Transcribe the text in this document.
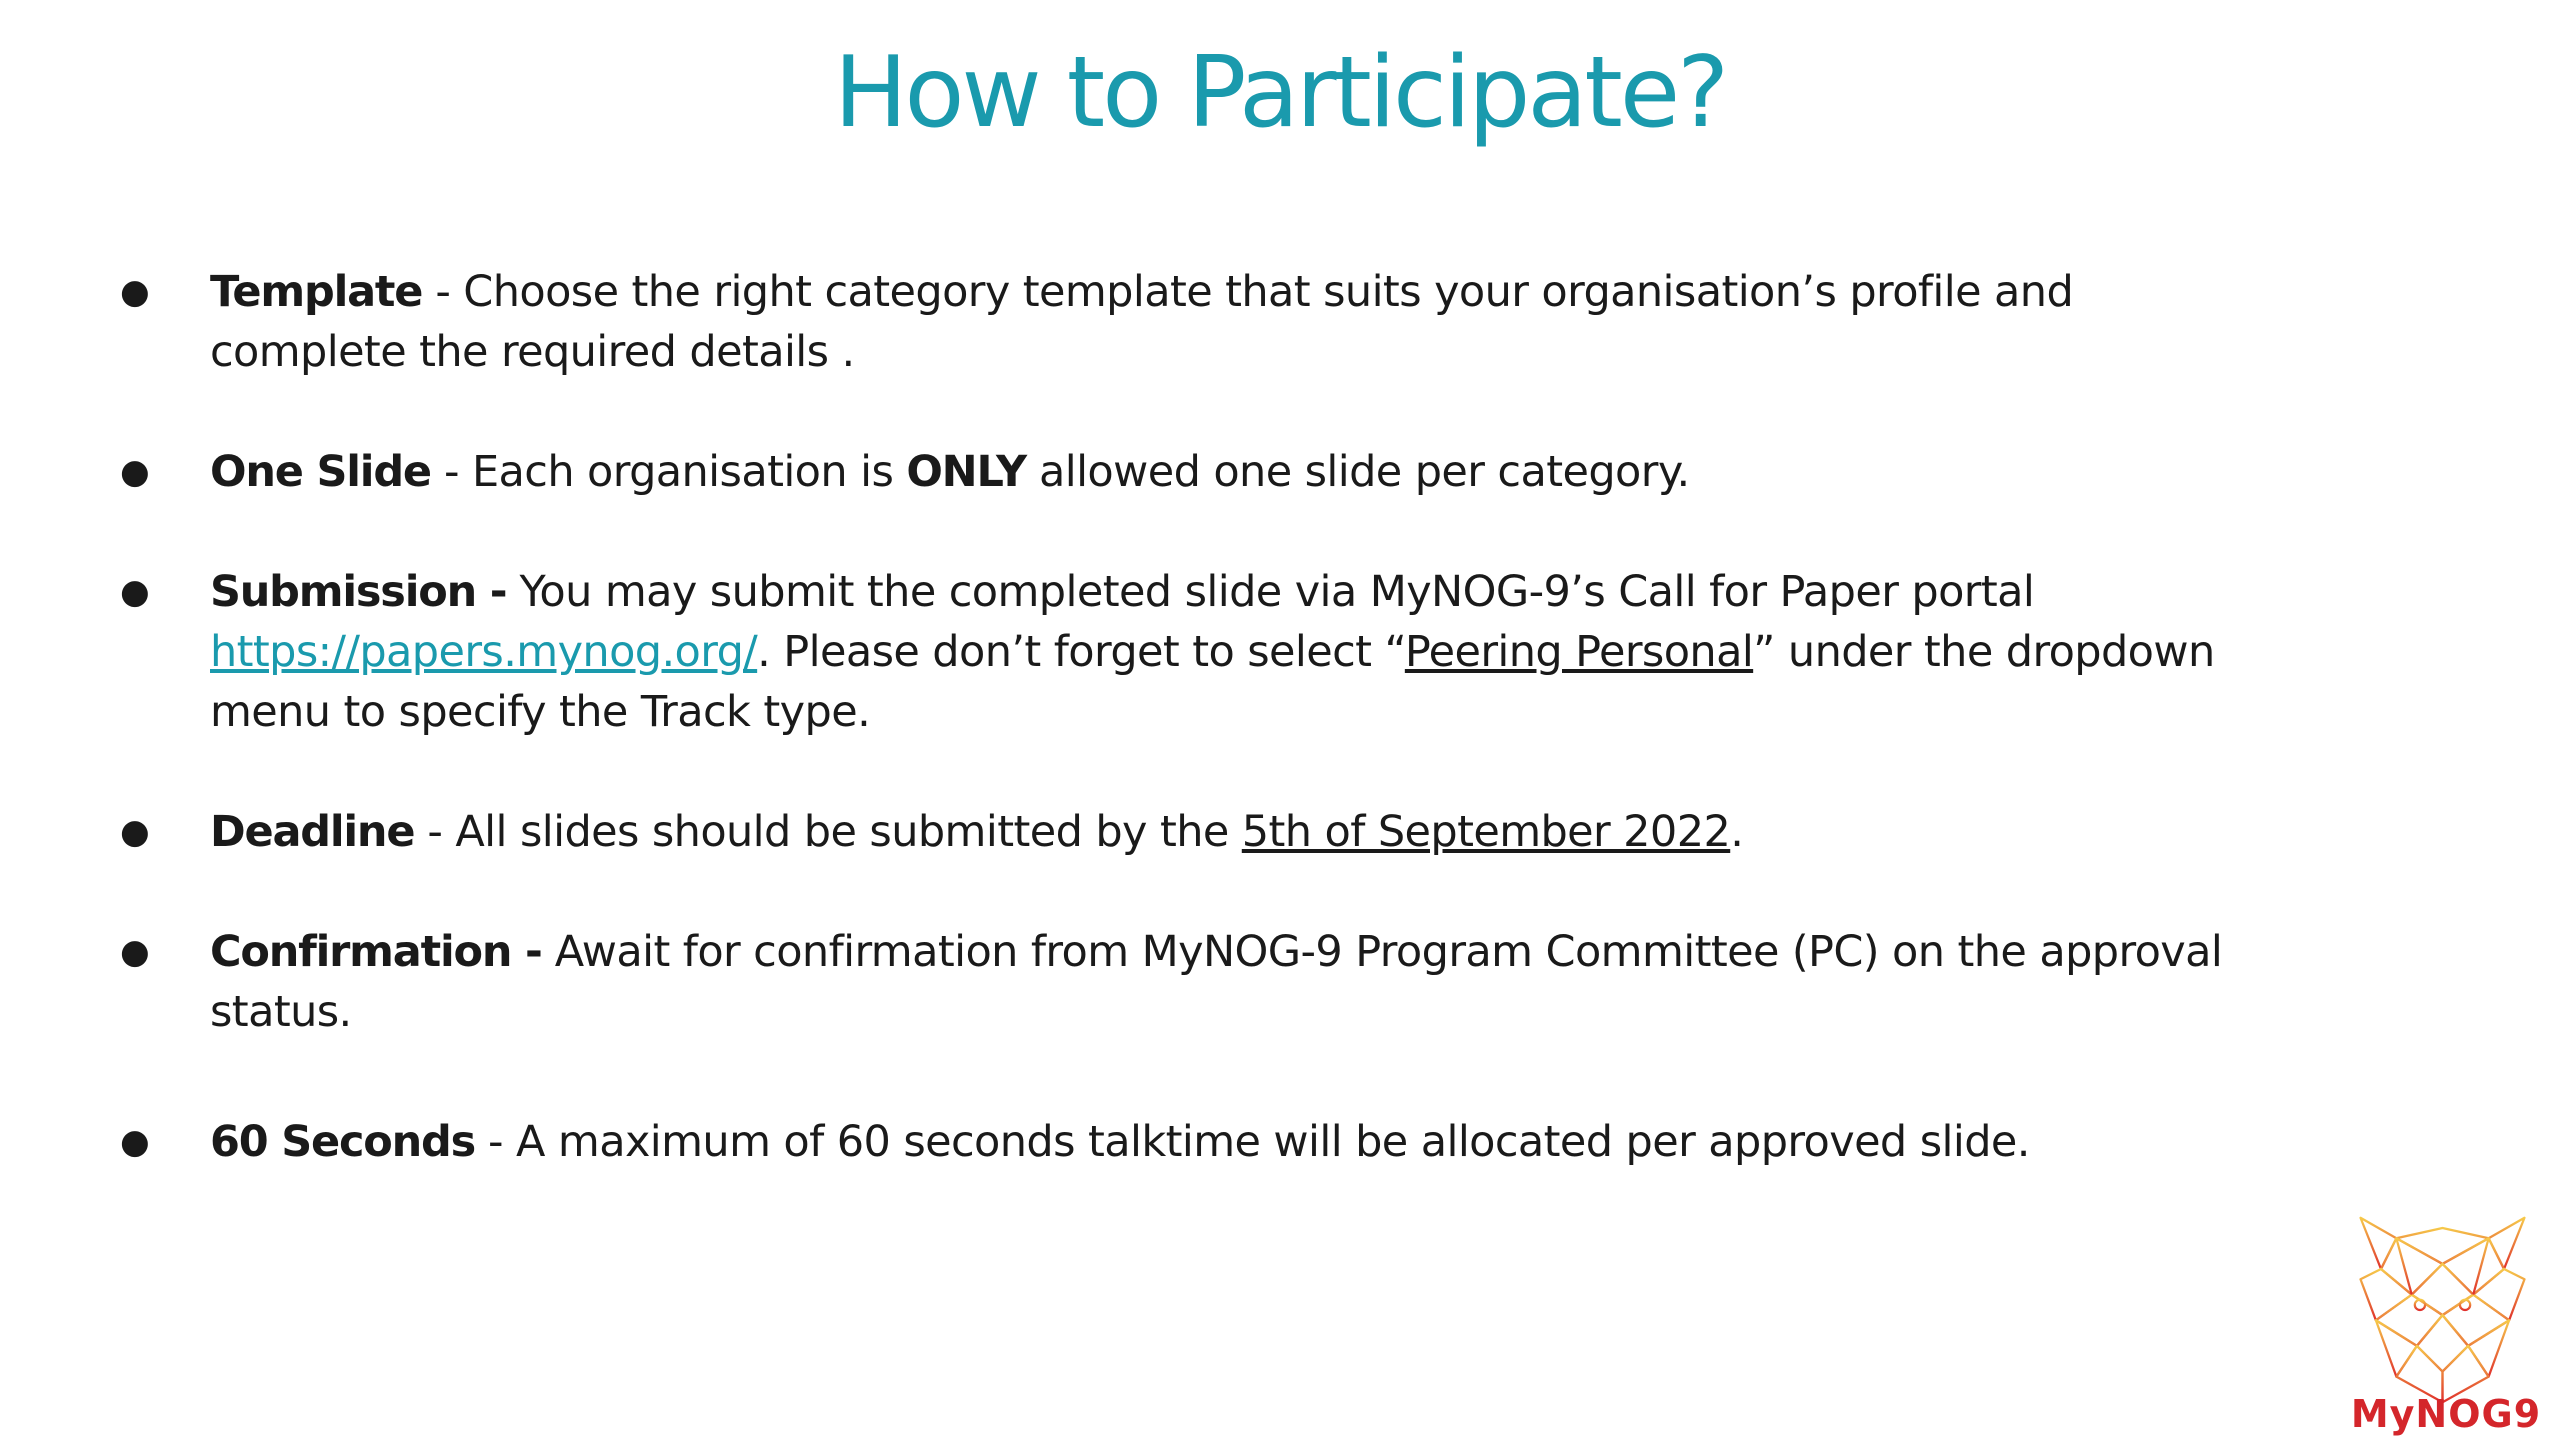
How to Participate?
● Template - Choose the right category template that suits your organisation’s profile and complete the required details .
● One Slide - Each organisation is ONLY allowed one slide per category.
● Submission - You may submit the completed slide via MyNOG-9’s Call for Paper portal https://papers.mynog.org/. Please don’t forget to select “Peering Personal” under the dropdown menu to specify the Track type.
● Deadline - All slides should be submitted by the 5th of September 2022.
● Confirmation - Await for confirmation from MyNOG-9 Program Committee (PC) on the approval status.
● 60 Seconds - A maximum of 60 seconds talktime will be allocated per approved slide.
MyNOG9
